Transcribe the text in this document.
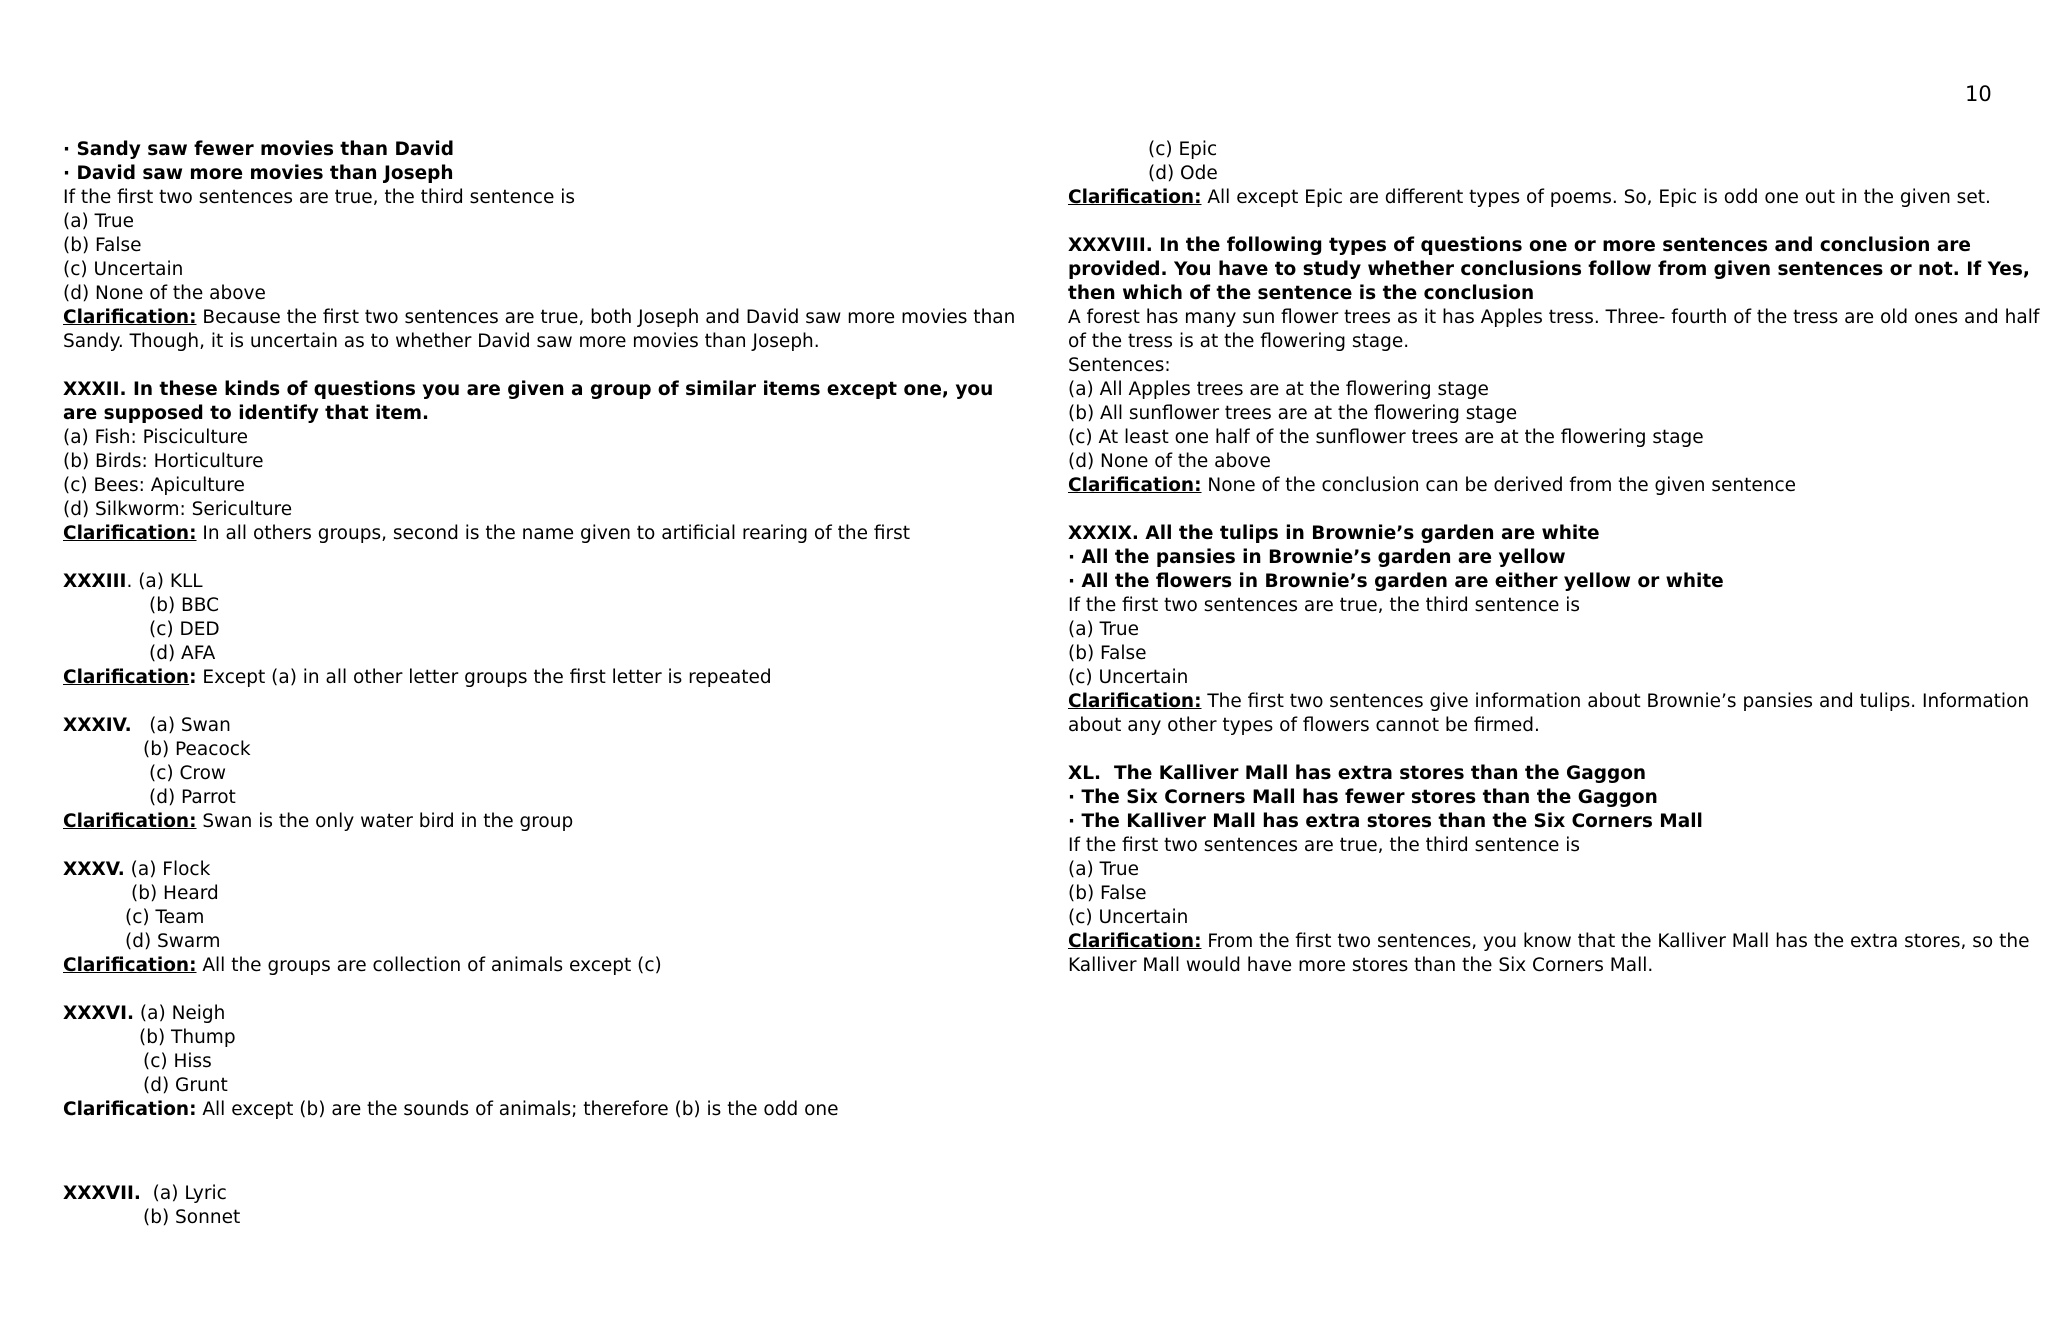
10
· Sandy saw fewer movies than David
· David saw more movies than Joseph
If the first two sentences are true, the third sentence is
(a) True
(b) False
(c) Uncertain
(d) None of the above
Clarification: Because the first two sentences are true, both Joseph and David saw more movies than
Sandy. Though, it is uncertain as to whether David saw more movies than Joseph.
XXXII. In these kinds of questions you are given a group of similar items except one, you are supposed to identify that item.
(a) Fish: Pisciculture
(b) Birds: Horticulture
(c) Bees: Apiculture
(d) Silkworm: Sericulture
Clarification: In all others groups, second is the name given to artificial rearing of the first
XXXIII. (a) KLL
(b) BBC
(c) DED
(d) AFA
Clarification: Except (a) in all other letter groups the first letter is repeated
XXXIV.   (a) Swan
(b) Peacock
(c) Crow
(d) Parrot
Clarification: Swan is the only water bird in the group
XXXV. (a) Flock
(b) Heard
(c) Team
(d) Swarm
Clarification: All the groups are collection of animals except (c)
XXXVI. (a) Neigh
(b) Thump
(c) Hiss
(d) Grunt
Clarification: All except (b) are the sounds of animals; therefore (b) is the odd one
XXXVII.  (a) Lyric
(b) Sonnet
(c) Epic
(d) Ode
Clarification: All except Epic are different types of poems. So, Epic is odd one out in the given set.
XXXVIII. In the following types of questions one or more sentences and conclusion are
provided. You have to study whether conclusions follow from given sentences or not. If Yes,
then which of the sentence is the conclusion
A forest has many sun flower trees as it has Apples tress. Three- fourth of the tress are old ones and half
of the tress is at the flowering stage.
Sentences:
(a) All Apples trees are at the flowering stage
(b) All sunflower trees are at the flowering stage
(c) At least one half of the sunflower trees are at the flowering stage
(d) None of the above
Clarification: None of the conclusion can be derived from the given sentence
XXXIX. All the tulips in Brownie’s garden are white
· All the pansies in Brownie’s garden are yellow
· All the flowers in Brownie’s garden are either yellow or white
If the first two sentences are true, the third sentence is
(a) True
(b) False
(c) Uncertain
Clarification: The first two sentences give information about Brownie’s pansies and tulips. Information
about any other types of flowers cannot be firmed.
XL.  The Kalliver Mall has extra stores than the Gaggon
· The Six Corners Mall has fewer stores than the Gaggon
· The Kalliver Mall has extra stores than the Six Corners Mall
If the first two sentences are true, the third sentence is
(a) True
(b) False
(c) Uncertain
Clarification: From the first two sentences, you know that the Kalliver Mall has the extra stores, so the
Kalliver Mall would have more stores than the Six Corners Mall.
